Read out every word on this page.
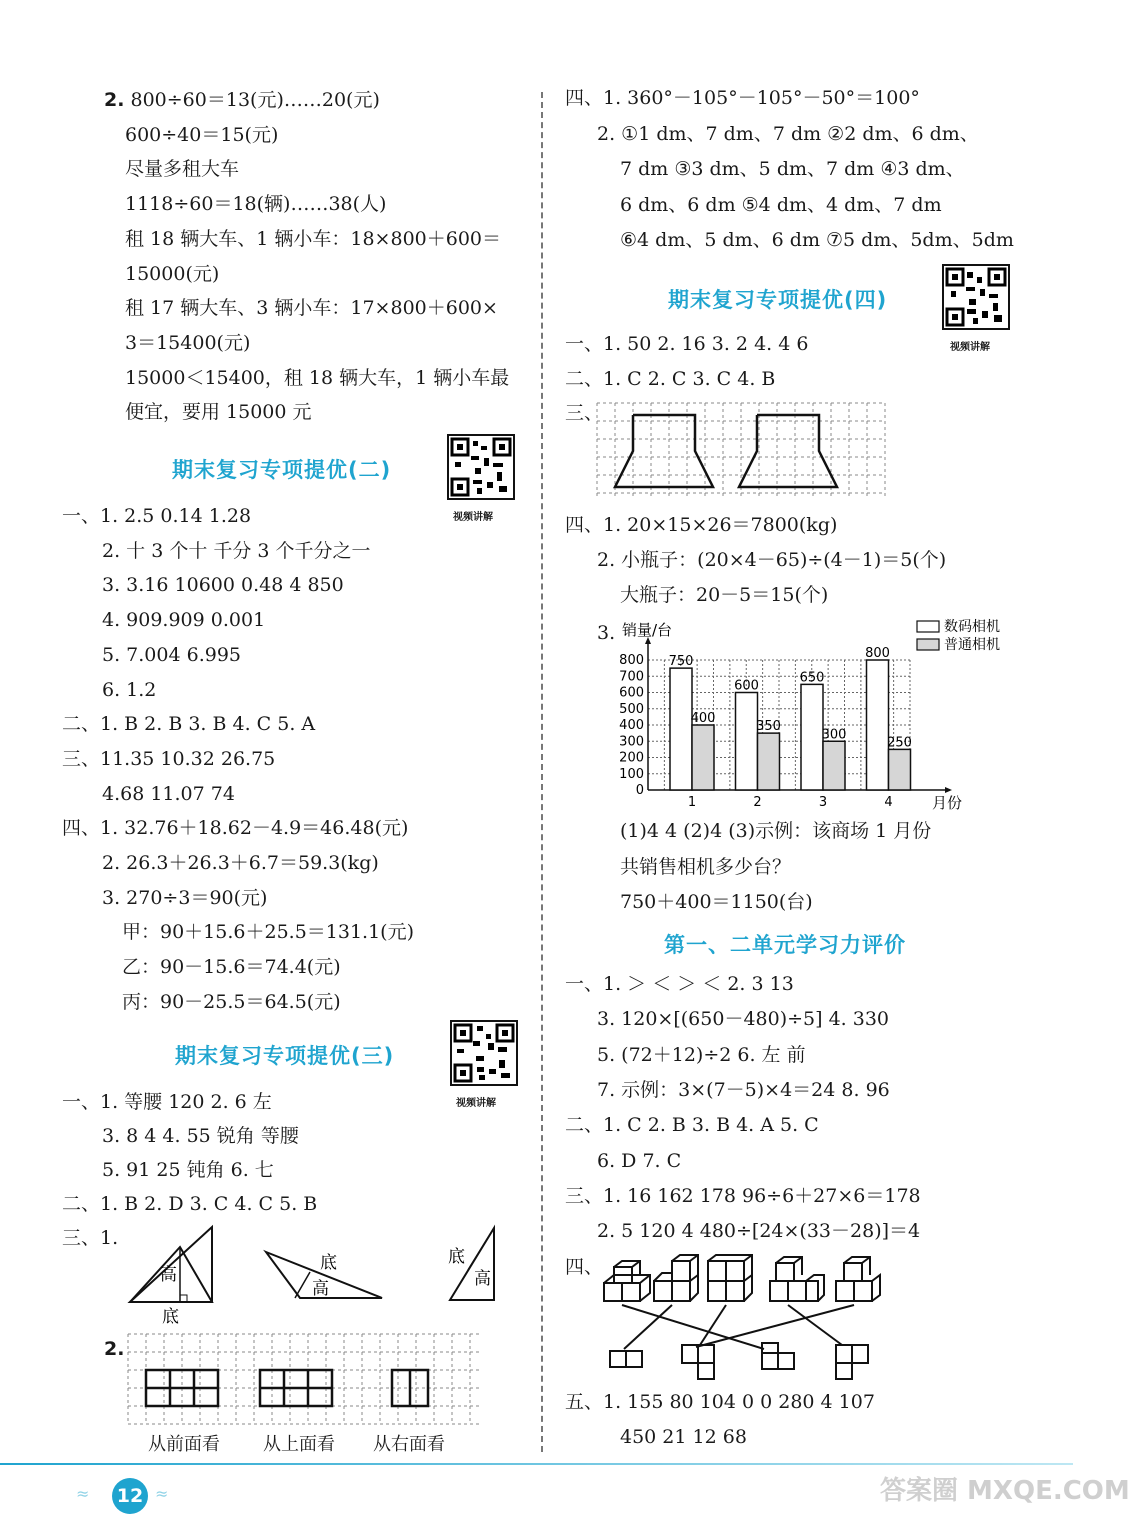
2. 800÷60＝13(元)……20(元)
600÷40＝15(元)
尽量多租大车
1118÷60＝18(辆)……38(人)
租 18 辆大车、1 辆小车：18×800＋600＝
15000(元)
租 17 辆大车、3 辆小车：17×800＋600×
3＝15400(元)
15000＜15400，租 18 辆大车，1 辆小车最
便宜，要用 15000 元
期末复习专项提优(二)
视频讲解
一、1. 2.5 0.14 1.28
2. 十 3 个十 千分 3 个千分之一
3. 3.16 10600 0.48 4 850
4. 909.909 0.001
5. 7.004 6.995
6. 1.2
二、1. B 2. B 3. B 4. C 5. A
三、11.35 10.32 26.75
4.68 11.07 74
四、1. 32.76＋18.62－4.9＝46.48(元)
2. 26.3＋26.3＋6.7＝59.3(kg)
3. 270÷3＝90(元)
甲：90＋15.6＋25.5＝131.1(元)
乙：90－15.6＝74.4(元)
丙：90－25.5＝64.5(元)
期末复习专项提优(三)
视频讲解
一、1. 等腰 120 2. 6 左
3. 8 4 4. 55 锐角 等腰
5. 91 25 钝角 6. 七
二、1. B 2. D 3. C 4. C 5. B
三、1.
高
底
底
高
底
高
2.
从前面看 从上面看 从右面看
四、1. 360°－105°－105°－50°＝100°
2. ①1 dm、7 dm、7 dm ②2 dm、6 dm、
7 dm ③3 dm、5 dm、7 dm ④3 dm、
6 dm、6 dm ⑤4 dm、4 dm、7 dm
⑥4 dm、5 dm、6 dm ⑦5 dm、5dm、5dm
期末复习专项提优(四)
视频讲解
一、1. 50 2. 16 3. 2 4. 4 6
二、1. C 2. C 3. C 4. B
三、
四、1. 20×15×26＝7800(kg)
2. 小瓶子：(20×4－65)÷(4－1)＝5(个)
大瓶子：20－5＝15(个)
3.
0
100
200
300
400
500
600
700
800
销量/台
月份
750
400
1
600
350
2
650
300
3
800
250
4
数码相机
普通相机
(1)4 4 (2)4 (3)示例：该商场 1 月份
共销售相机多少台？
750＋400＝1150(台)
第一、二单元学习力评价
一、1. ＞ ＜ ＞ ＜ 2. 3 13
3. 120×[(650－480)÷5] 4. 330
5. (72＋12)÷2 6. 左 前
7. 示例：3×(7－5)×4＝24 8. 96
二、1. C 2. B 3. B 4. A 5. C
6. D 7. C
三、1. 16 162 178 96÷6＋27×6＝178
2. 5 120 4 480÷[24×(33－28)]＝4
四、
五、1. 155 80 104 0 0 280 4 107
450 21 12 68
≈	12 ≈	答案圈 MXQE.COM
